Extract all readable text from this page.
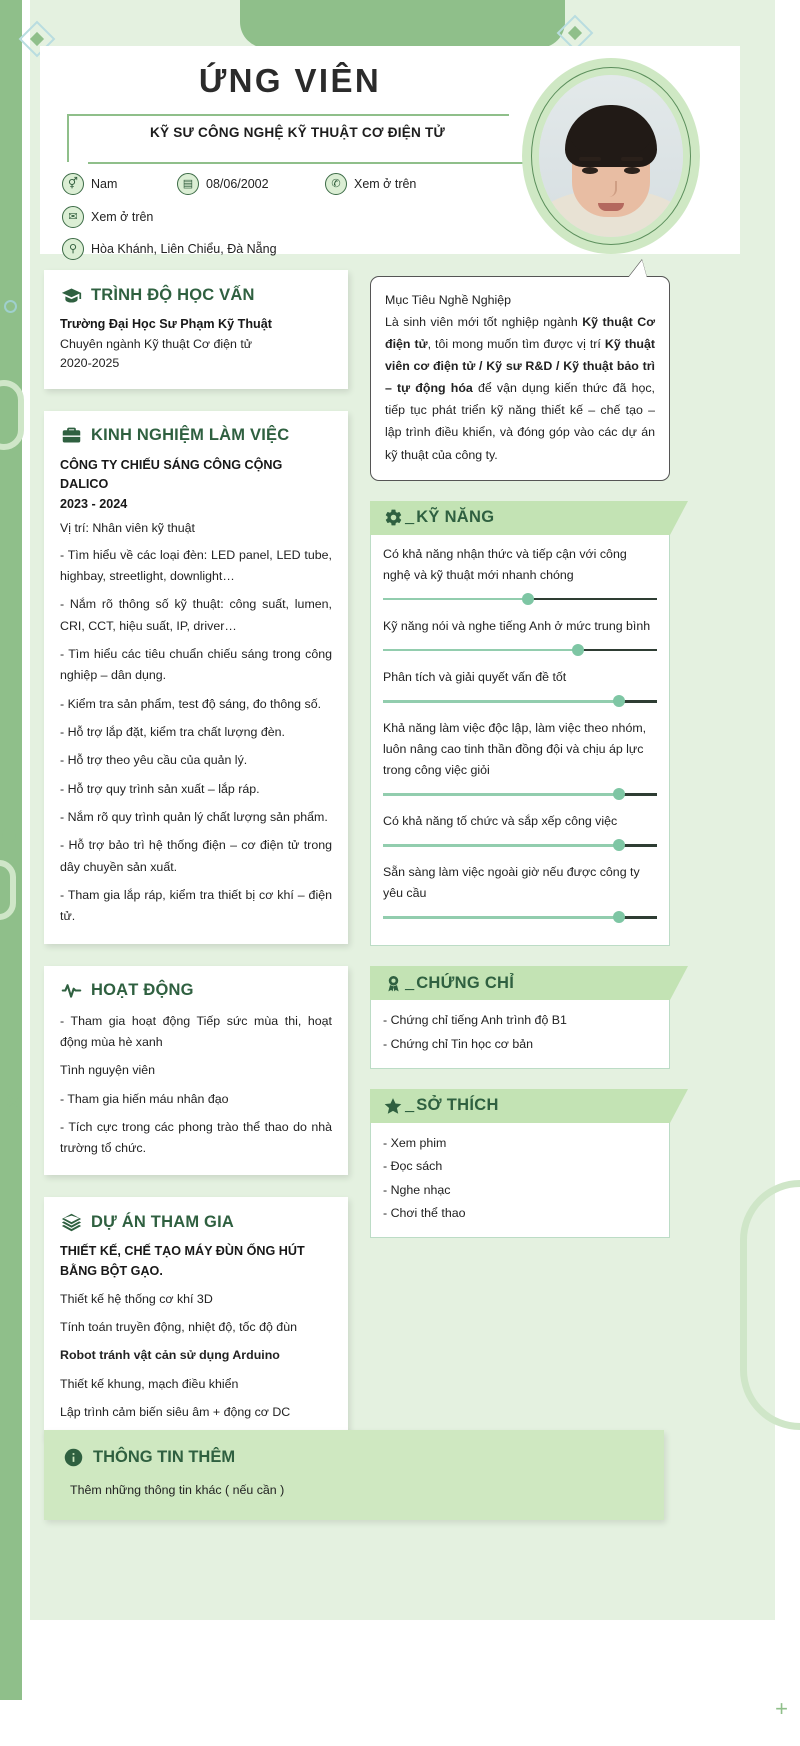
✕
+
ỨNG VIÊN
KỸ SƯ CÔNG NGHỆ KỸ THUẬT CƠ ĐIỆN TỬ
⚥	Nam	▤	08/06/2002	✆	Xem ở trên
✉	Xem ở trên
⚲	Hòa Khánh, Liên Chiểu, Đà Nẵng
TRÌNH ĐỘ HỌC VẤN
Trường Đại Học Sư Phạm Kỹ Thuật
Chuyên ngành Kỹ thuật Cơ điện tử
2020-2025
KINH NGHIỆM LÀM VIỆC
CÔNG TY CHIẾU SÁNG CÔNG CỘNG DALICO
2023 - 2024
Vị trí: Nhân viên kỹ thuật
- Tìm hiểu về các loại đèn: LED panel, LED tube, highbay, streetlight, downlight…
- Nắm rõ thông số kỹ thuật: công suất, lumen, CRI, CCT, hiệu suất, IP, driver…
- Tìm hiểu các tiêu chuẩn chiếu sáng trong công nghiệp – dân dụng.
- Kiểm tra sản phẩm, test độ sáng, đo thông số.
- Hỗ trợ lắp đặt, kiểm tra chất lượng đèn.
- Hỗ trợ theo yêu cầu của quản lý.
- Hỗ trợ quy trình sản xuất – lắp ráp.
- Nắm rõ quy trình quản lý chất lượng sản phẩm.
- Hỗ trợ bảo trì hệ thống điện – cơ điện tử trong dây chuyền sản xuất.
- Tham gia lắp ráp, kiểm tra thiết bị cơ khí – điện tử.
HOẠT ĐỘNG
- Tham gia hoạt động Tiếp sức mùa thi, hoạt động mùa hè xanh
Tình nguyện viên
- Tham gia hiến máu nhân đạo
- Tích cực trong các phong trào thể thao do nhà trường tổ chức.
DỰ ÁN THAM GIA
THIẾT KẾ, CHẾ TẠO MÁY ĐÙN ỐNG HÚT BẰNG BỘT GẠO.
Thiết kế hệ thống cơ khí 3D
Tính toán truyền động, nhiệt độ, tốc độ đùn
Robot tránh vật cản sử dụng Arduino
Thiết kế khung, mạch điều khiển
Lập trình cảm biến siêu âm + động cơ DC
Mục Tiêu Nghề Nghiệp
Là sinh viên mới tốt nghiệp ngành Kỹ thuật Cơ điện tử, tôi mong muốn tìm được vị trí Kỹ thuật viên cơ điện tử / Kỹ sư R&D / Kỹ thuật bảo trì – tự động hóa để vận dụng kiến thức đã học, tiếp tục phát triển kỹ năng thiết kế – chế tạo – lập trình điều khiển, và đóng góp vào các dự án kỹ thuật của công ty.
_ KỸ NĂNG
Có khả năng nhận thức và tiếp cận với công nghệ và kỹ thuật mới nhanh chóng
Kỹ năng nói và nghe tiếng Anh ở mức trung bình
Phân tích và giải quyết vấn đề tốt
Khả năng làm việc độc lập, làm việc theo nhóm, luôn nâng cao tinh thần đồng đội và chịu áp lực trong công việc giỏi
Có khả năng tố chức và sắp xếp công việc
Sẵn sàng làm việc ngoài giờ nếu được công ty yêu cầu
_ CHỨNG CHỈ
- Chứng chỉ tiếng Anh trình độ B1
- Chứng chỉ Tin học cơ bản
_ SỞ THÍCH
- Xem phim
- Đọc sách
- Nghe nhạc
- Chơi thể thao
THÔNG TIN THÊM
Thêm những thông tin khác ( nếu cần )
